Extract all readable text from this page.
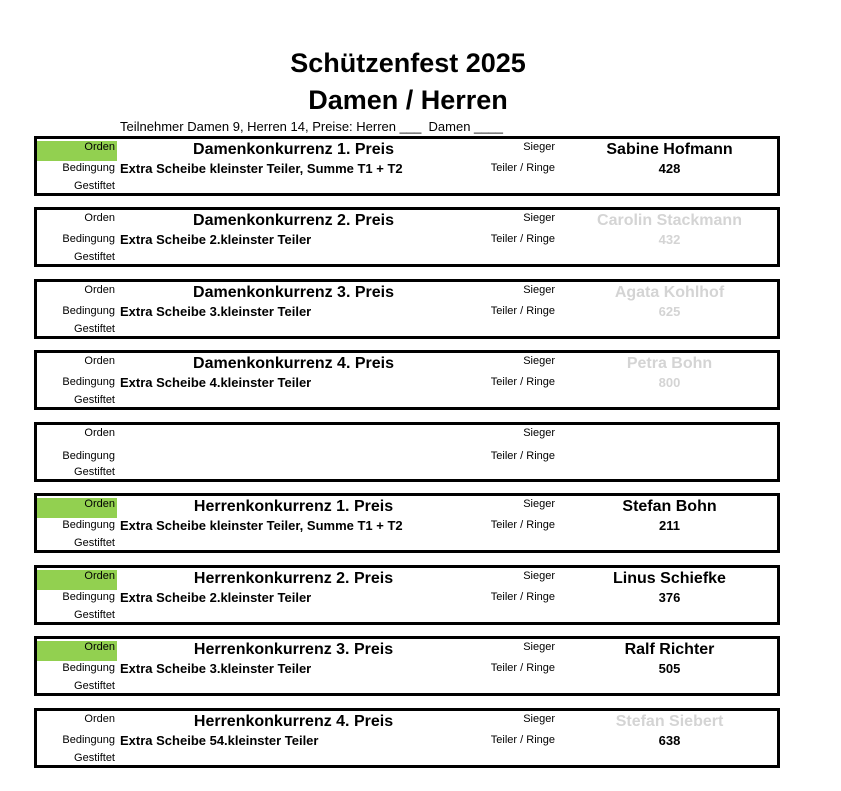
Schützenfest 2025
Damen / Herren
Teilnehmer Damen 9, Herren 14, Preise: Herren ___  Damen ____
Orden
Bedingung
Gestiftet
Damenkonkurrenz 1. Preis
Extra Scheibe kleinster Teiler, Summe T1 + T2
Sieger
Teiler / Ringe
Sabine Hofmann
428
Orden
Bedingung
Gestiftet
Damenkonkurrenz 2. Preis
Extra Scheibe 2.kleinster Teiler
Sieger
Teiler / Ringe
Carolin Stackmann
432
Orden
Bedingung
Gestiftet
Damenkonkurrenz 3. Preis
Extra Scheibe 3.kleinster Teiler
Sieger
Teiler / Ringe
Agata Kohlhof
625
Orden
Bedingung
Gestiftet
Damenkonkurrenz 4. Preis
Extra Scheibe 4.kleinster Teiler
Sieger
Teiler / Ringe
Petra Bohn
800
Orden
Bedingung
Gestiftet
Sieger
Teiler / Ringe
Orden
Bedingung
Gestiftet
Herrenkonkurrenz 1. Preis
Extra Scheibe kleinster Teiler, Summe T1 + T2
Sieger
Teiler / Ringe
Stefan Bohn
211
Orden
Bedingung
Gestiftet
Herrenkonkurrenz 2. Preis
Extra Scheibe 2.kleinster Teiler
Sieger
Teiler / Ringe
Linus Schiefke
376
Orden
Bedingung
Gestiftet
Herrenkonkurrenz 3. Preis
Extra Scheibe 3.kleinster Teiler
Sieger
Teiler / Ringe
Ralf Richter
505
Orden
Bedingung
Gestiftet
Herrenkonkurrenz 4. Preis
Extra Scheibe 54.kleinster Teiler
Sieger
Teiler / Ringe
Stefan Siebert
638
